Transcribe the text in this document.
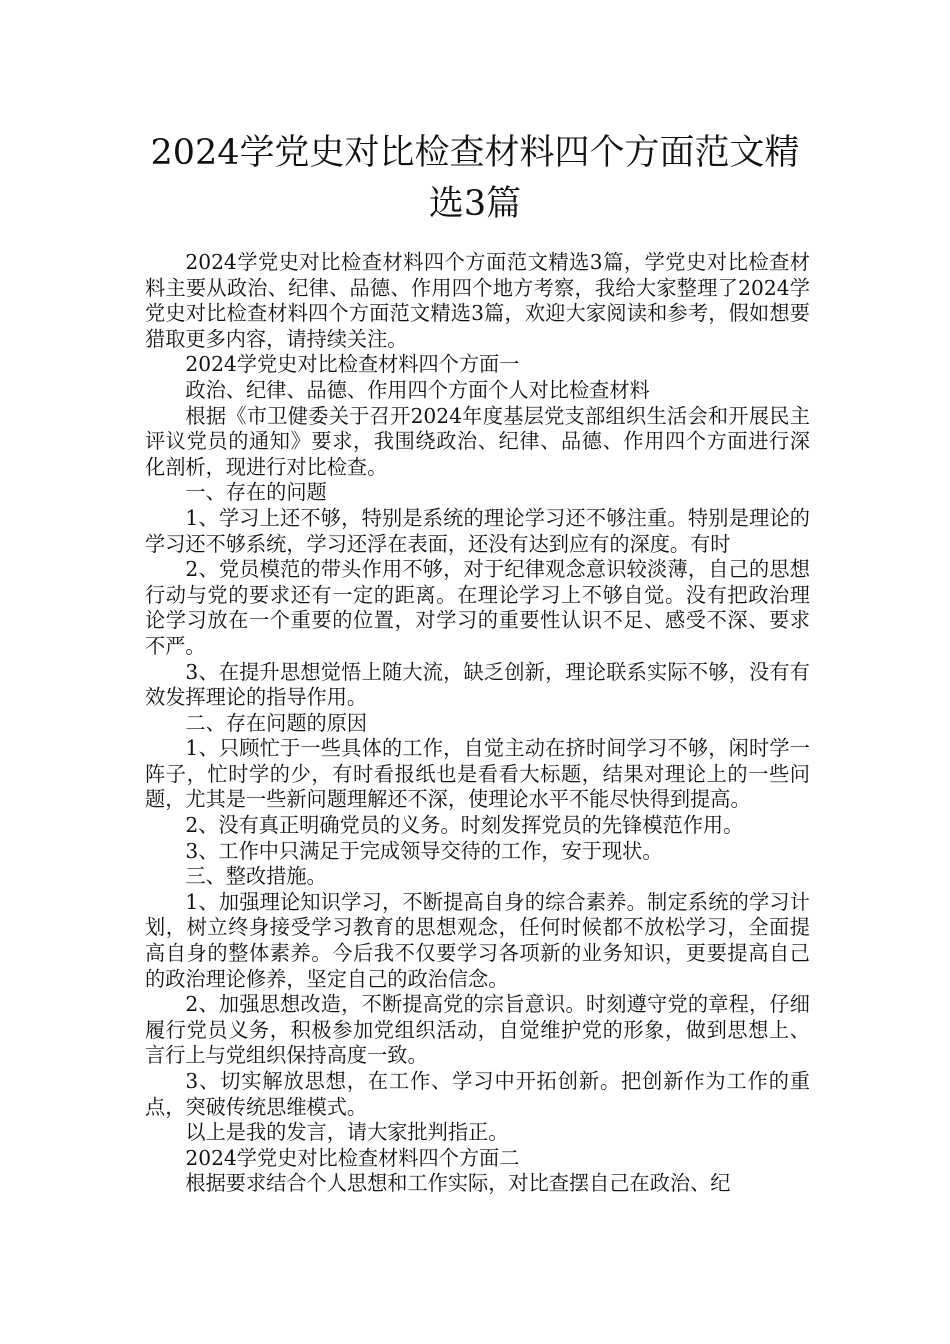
2024学党史对比检查材料四个方面范文精
选3篇

2024学党史对比检查材料四个方面范文精选3篇，学党史对比检查材料主要从政治、纪律、品德、作用四个地方考察，我给大家整理了2024学党史对比检查材料四个方面范文精选3篇，欢迎大家阅读和参考，假如想要猎取更多内容，请持续关注。

2024学党史对比检查材料四个方面一

政治、纪律、品德、作用四个方面个人对比检查材料

根据《市卫健委关于召开2024年度基层党支部组织生活会和开展民主评议党员的通知》要求，我围绕政治、纪律、品德、作用四个方面进行深化剖析，现进行对比检查。

一、存在的问题

1、学习上还不够，特别是系统的理论学习还不够注重。特别是理论的学习还不够系统，学习还浮在表面，还没有达到应有的深度。有时

2、党员模范的带头作用不够，对于纪律观念意识较淡薄，自己的思想行动与党的要求还有一定的距离。在理论学习上不够自觉。没有把政治理论学习放在一个重要的位置，对学习的重要性认识不足、感受不深、要求不严。

3、在提升思想觉悟上随大流，缺乏创新，理论联系实际不够，没有有效发挥理论的指导作用。

二、存在问题的原因

1、只顾忙于一些具体的工作，自觉主动在挤时间学习不够，闲时学一阵子，忙时学的少，有时看报纸也是看看大标题，结果对理论上的一些问题，尤其是一些新问题理解还不深，使理论水平不能尽快得到提高。

2、没有真正明确党员的义务。时刻发挥党员的先锋模范作用。

3、工作中只满足于完成领导交待的工作，安于现状。

三、整改措施。

1、加强理论知识学习，不断提高自身的综合素养。制定系统的学习计划，树立终身接受学习教育的思想观念，任何时候都不放松学习，全面提高自身的整体素养。今后我不仅要学习各项新的业务知识，更要提高自己的政治理论修养，坚定自己的政治信念。

2、加强思想改造，不断提高党的宗旨意识。时刻遵守党的章程，仔细履行党员义务，积极参加党组织活动，自觉维护党的形象，做到思想上、言行上与党组织保持高度一致。

3、切实解放思想，在工作、学习中开拓创新。把创新作为工作的重点，突破传统思维模式。

以上是我的发言，请大家批判指正。

2024学党史对比检查材料四个方面二

根据要求结合个人思想和工作实际，对比查摆自己在政治、纪
